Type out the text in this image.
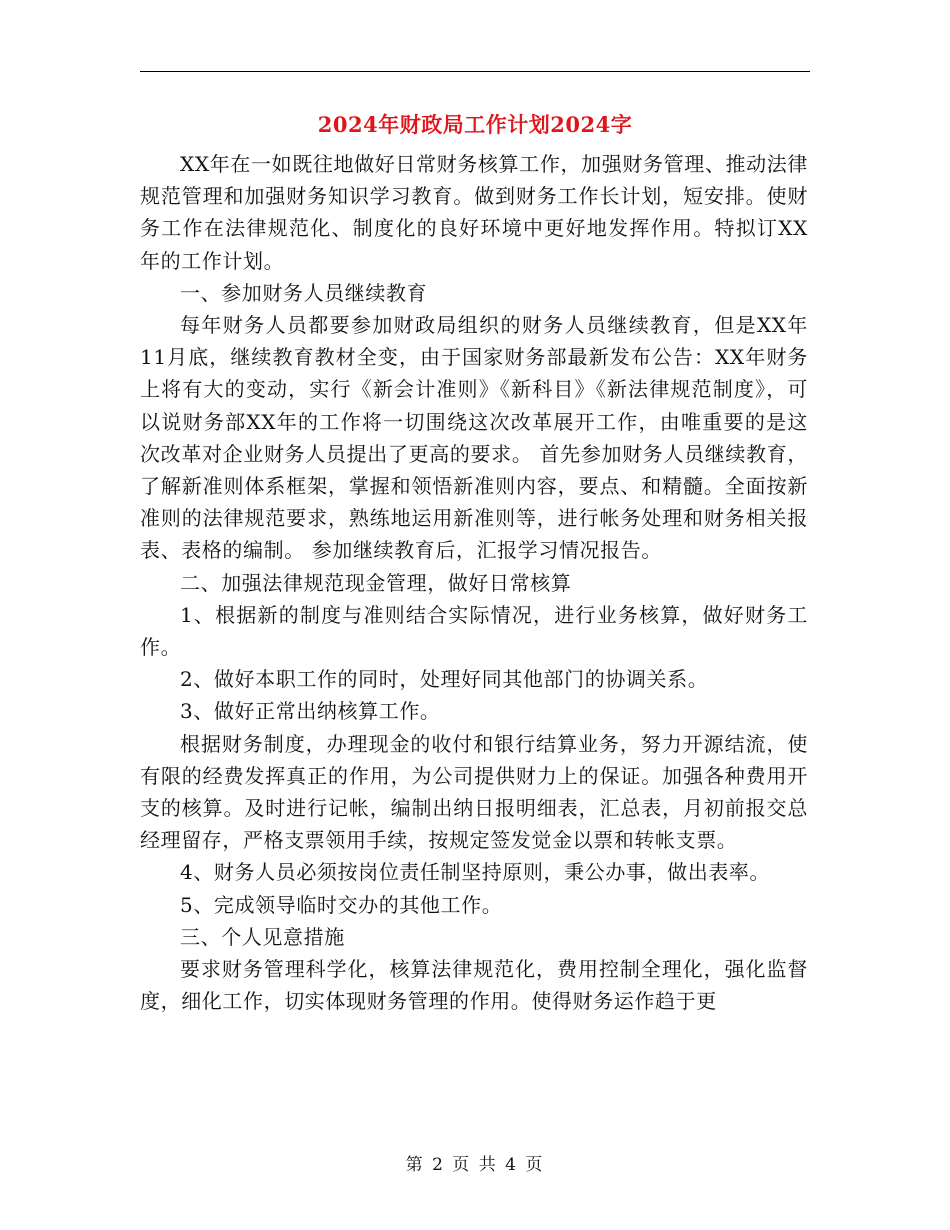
2024年财政局工作计划2024字

XX年在一如既往地做好日常财务核算工作，加强财务管理、推动法律规范管理和加强财务知识学习教育。做到财务工作长计划，短安排。使财务工作在法律规范化、制度化的良好环境中更好地发挥作用。特拟订XX年的工作计划。

一、参加财务人员继续教育

每年财务人员都要参加财政局组织的财务人员继续教育，但是XX年11月底，继续教育教材全变，由于国家财务部最新发布公告：XX年财务上将有大的变动，实行《新会计准则》《新科目》《新法律规范制度》，可以说财务部XX年的工作将一切围绕这次改革展开工作，由唯重要的是这次改革对企业财务人员提出了更高的要求。 首先参加财务人员继续教育，了解新准则体系框架，掌握和领悟新准则内容，要点、和精髓。全面按新准则的法律规范要求，熟练地运用新准则等，进行帐务处理和财务相关报表、表格的编制。 参加继续教育后，汇报学习情况报告。

二、加强法律规范现金管理，做好日常核算

1、根据新的制度与准则结合实际情况，进行业务核算，做好财务工作。

2、做好本职工作的同时，处理好同其他部门的协调关系。

3、做好正常出纳核算工作。

根据财务制度，办理现金的收付和银行结算业务，努力开源结流，使有限的经费发挥真正的作用，为公司提供财力上的保证。加强各种费用开支的核算。及时进行记帐，编制出纳日报明细表，汇总表，月初前报交总经理留存，严格支票领用手续，按规定签发觉金以票和转帐支票。

4、财务人员必须按岗位责任制坚持原则，秉公办事，做出表率。

5、完成领导临时交办的其他工作。

三、个人见意措施

要求财务管理科学化，核算法律规范化，费用控制全理化，强化监督度，细化工作，切实体现财务管理的作用。使得财务运作趋于更

第 2 页 共 4 页
